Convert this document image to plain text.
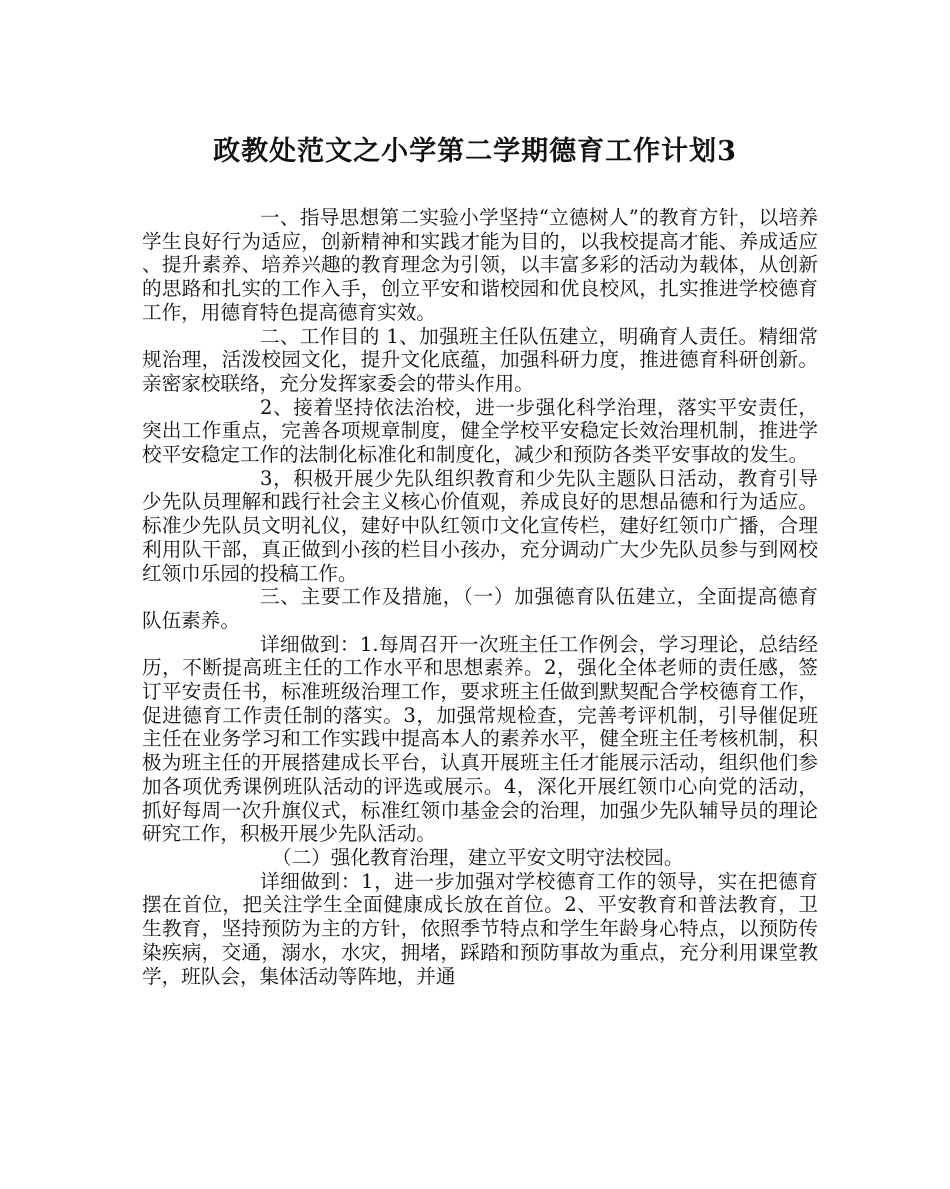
政教处范文之小学第二学期德育工作计划3

一、指导思想第二实验小学坚持“立德树人”的教育方针，以培养学生良好行为适应，创新精神和实践才能为目的，以我校提高才能、养成适应、提升素养、培养兴趣的教育理念为引领，以丰富多彩的活动为载体，从创新的思路和扎实的工作入手，创立平安和谐校园和优良校风，扎实推进学校德育工作，用德育特色提高德育实效。

二、工作目的 1、加强班主任队伍建立，明确育人责任。精细常规治理，活泼校园文化，提升文化底蕴，加强科研力度，推进德育科研创新。亲密家校联络，充分发挥家委会的带头作用。

2、接着坚持依法治校，进一步强化科学治理，落实平安责任，突出工作重点，完善各项规章制度，健全学校平安稳定长效治理机制，推进学校平安稳定工作的法制化标准化和制度化，减少和预防各类平安事故的发生。

3，积极开展少先队组织教育和少先队主题队日活动，教育引导少先队员理解和践行社会主义核心价值观，养成良好的思想品德和行为适应。标准少先队员文明礼仪，建好中队红领巾文化宣传栏，建好红领巾广播，合理利用队干部，真正做到小孩的栏目小孩办，充分调动广大少先队员参与到网校红领巾乐园的投稿工作。

三、主要工作及措施，（一）加强德育队伍建立，全面提高德育队伍素养。

详细做到：1.每周召开一次班主任工作例会，学习理论，总结经历，不断提高班主任的工作水平和思想素养。2，强化全体老师的责任感，签订平安责任书，标准班级治理工作，要求班主任做到默契配合学校德育工作，促进德育工作责任制的落实。3，加强常规检查，完善考评机制，引导催促班主任在业务学习和工作实践中提高本人的素养水平，健全班主任考核机制，积极为班主任的开展搭建成长平台，认真开展班主任才能展示活动，组织他们参加各项优秀课例班队活动的评选或展示。4，深化开展红领巾心向党的活动，抓好每周一次升旗仪式，标准红领巾基金会的治理，加强少先队辅导员的理论研究工作，积极开展少先队活动。

（二）强化教育治理，建立平安文明守法校园。

详细做到：1，进一步加强对学校德育工作的领导，实在把德育摆在首位，把关注学生全面健康成长放在首位。2、平安教育和普法教育，卫生教育，坚持预防为主的方针，依照季节特点和学生年龄身心特点，以预防传染疾病，交通，溺水，水灾，拥堵，踩踏和预防事故为重点，充分利用课堂教学，班队会，集体活动等阵地，并通
